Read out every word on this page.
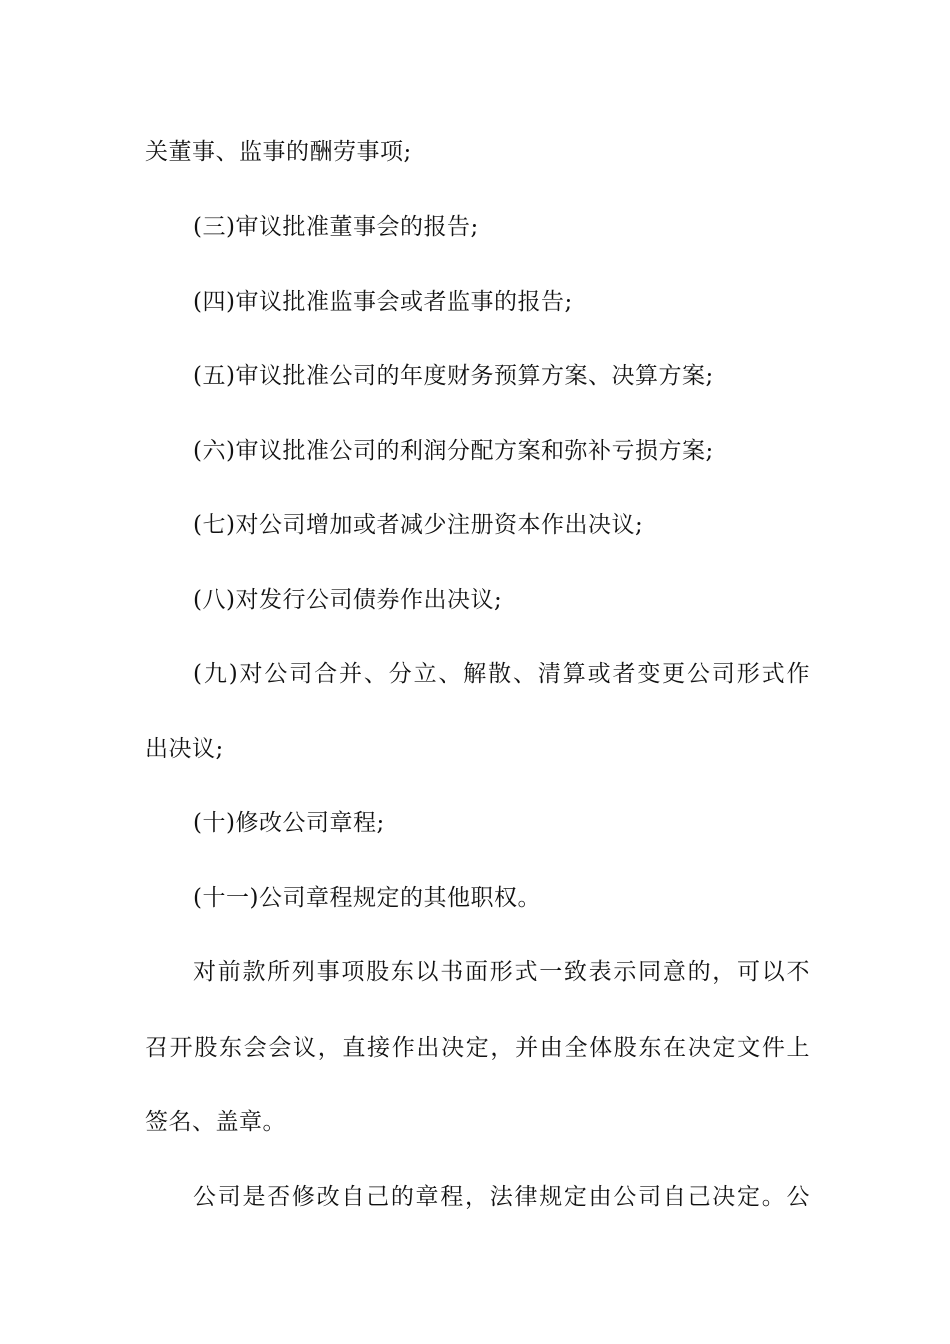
关董事、监事的酬劳事项;
(三)审议批准董事会的报告;
(四)审议批准监事会或者监事的报告;
(五)审议批准公司的年度财务预算方案、决算方案;
(六)审议批准公司的利润分配方案和弥补亏损方案;
(七)对公司增加或者减少注册资本作出决议;
(八)对发行公司债券作出决议;
(九)对公司合并、分立、解散、清算或者变更公司形式作
出决议;
(十)修改公司章程;
(十一)公司章程规定的其他职权。
对前款所列事项股东以书面形式一致表示同意的，可以不
召开股东会会议，直接作出决定，并由全体股东在决定文件上
签名、盖章。
公司是否修改自己的章程，法律规定由公司自己决定。公
